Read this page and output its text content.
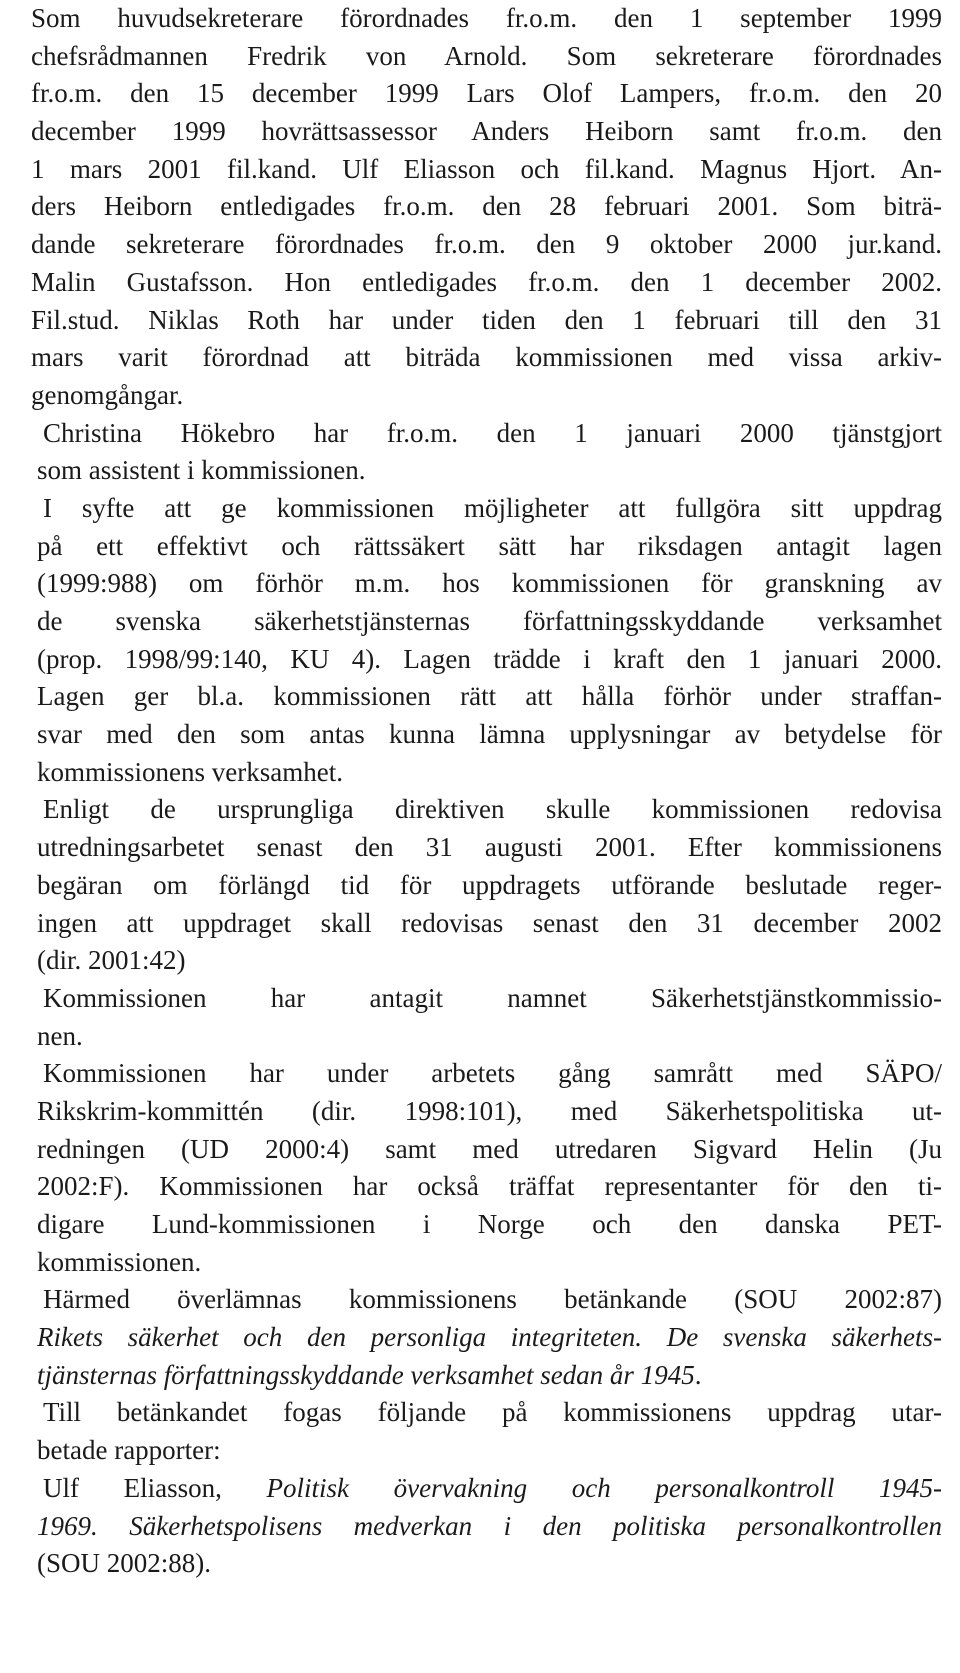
Som huvudsekreterare förordnades fr.o.m. den 1 september 1999
chefsrådmannen Fredrik von Arnold. Som sekreterare förordnades
fr.o.m. den 15 december 1999 Lars Olof Lampers, fr.o.m. den 20
december 1999 hovrättsassessor Anders Heiborn samt fr.o.m. den
1 mars 2001 fil.kand. Ulf Eliasson och fil.kand. Magnus Hjort. An-
ders Heiborn entledigades fr.o.m. den 28 februari 2001. Som biträ-
dande sekreterare förordnades fr.o.m. den 9 oktober 2000 jur.kand.
Malin Gustafsson. Hon entledigades fr.o.m. den 1 december 2002.
Fil.stud. Niklas Roth har under tiden den 1 februari till den 31
mars varit förordnad att biträda kommissionen med vissa arkiv-
genomgångar.
Christina Hökebro har fr.o.m. den 1 januari 2000 tjänstgjort
som assistent i kommissionen.
I syfte att ge kommissionen möjligheter att fullgöra sitt uppdrag
på ett effektivt och rättssäkert sätt har riksdagen antagit lagen
(1999:988) om förhör m.m. hos kommissionen för granskning av
de svenska säkerhetstjänsternas författningsskyddande verksamhet
(prop. 1998/99:140, KU 4). Lagen trädde i kraft den 1 januari 2000.
Lagen ger bl.a. kommissionen rätt att hålla förhör under straffan-
svar med den som antas kunna lämna upplysningar av betydelse för
kommissionens verksamhet.
Enligt de ursprungliga direktiven skulle kommissionen redovisa
utredningsarbetet senast den 31 augusti 2001. Efter kommissionens
begäran om förlängd tid för uppdragets utförande beslutade reger-
ingen att uppdraget skall redovisas senast den 31 december 2002
(dir. 2001:42)
Kommissionen har antagit namnet Säkerhetstjänstkommissio-
nen.
Kommissionen har under arbetets gång samrått med SÄPO/
Rikskrim-kommittén (dir. 1998:101), med Säkerhetspolitiska ut-
redningen (UD 2000:4) samt med utredaren Sigvard Helin (Ju
2002:F). Kommissionen har också träffat representanter för den ti-
digare Lund-kommissionen i Norge och den danska PET-
kommissionen.
Härmed överlämnas kommissionens betänkande (SOU 2002:87)
Rikets säkerhet och den personliga integriteten. De svenska säkerhets-
tjänsternas författningsskyddande verksamhet sedan år 1945.
Till betänkandet fogas följande på kommissionens uppdrag utar-
betade rapporter:
Ulf Eliasson, Politisk övervakning och personalkontroll 1945-
1969. Säkerhetspolisens medverkan i den politiska personalkontrollen
(SOU 2002:88).
